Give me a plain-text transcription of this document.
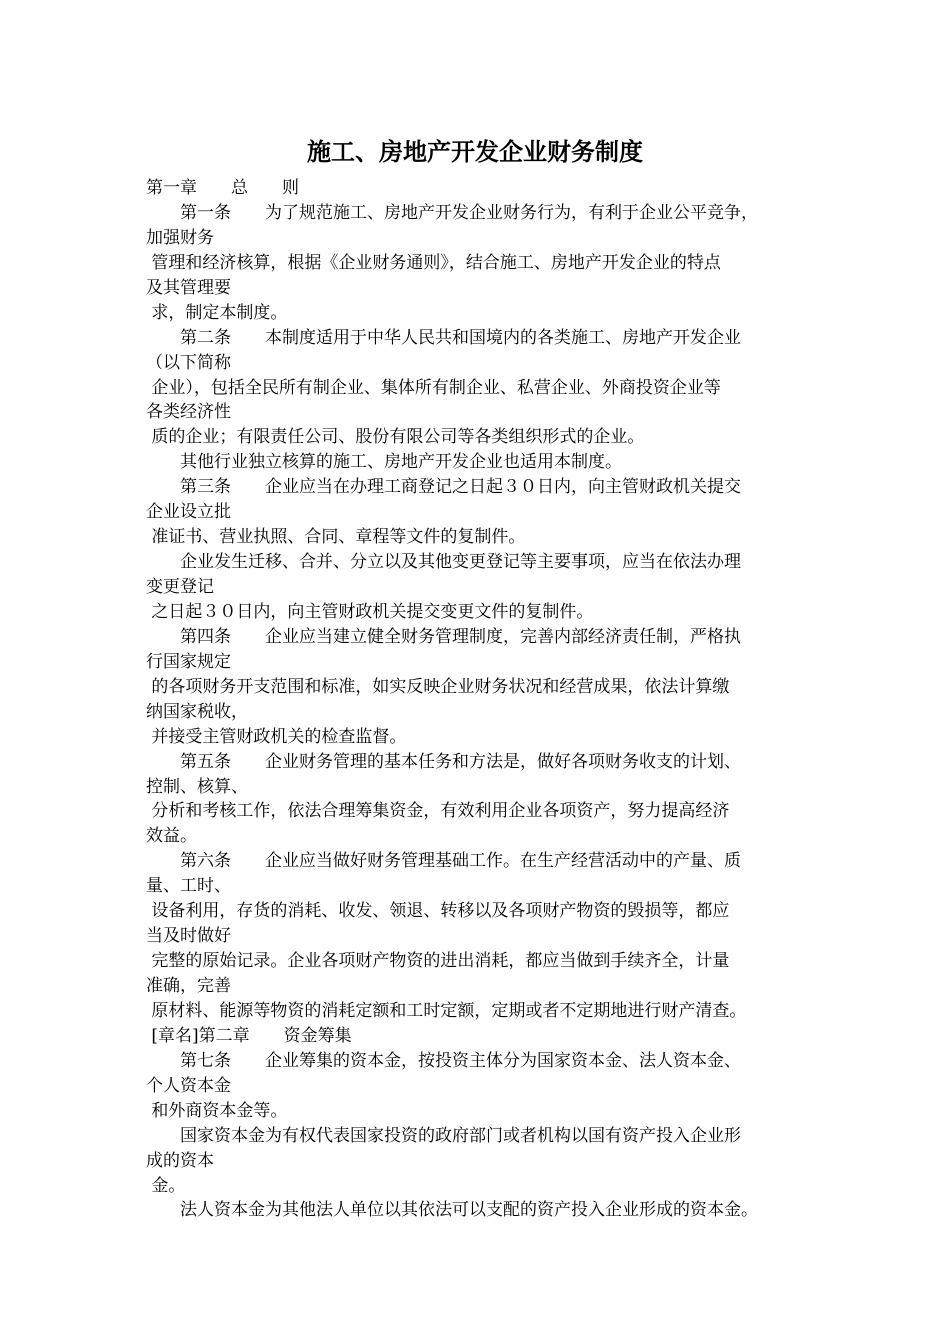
施工、房地产开发企业财务制度
第一章　　总　　则
　　第一条　　为了规范施工、房地产开发企业财务行为，有利于企业公平竞争，
加强财务
管理和经济核算，根据《企业财务通则》，结合施工、房地产开发企业的特点
及其管理要
求，制定本制度。
　　第二条　　本制度适用于中华人民共和国境内的各类施工、房地产开发企业
（以下简称
企业），包括全民所有制企业、集体所有制企业、私营企业、外商投资企业等
各类经济性
质的企业；有限责任公司、股份有限公司等各类组织形式的企业。
　　其他行业独立核算的施工、房地产开发企业也适用本制度。
　　第三条　　企业应当在办理工商登记之日起３０日内，向主管财政机关提交
企业设立批
准证书、营业执照、合同、章程等文件的复制件。
　　企业发生迁移、合并、分立以及其他变更登记等主要事项，应当在依法办理
变更登记
之日起３０日内，向主管财政机关提交变更文件的复制件。
　　第四条　　企业应当建立健全财务管理制度，完善内部经济责任制，严格执
行国家规定
的各项财务开支范围和标准，如实反映企业财务状况和经营成果，依法计算缴
纳国家税收，
并接受主管财政机关的检查监督。
　　第五条　　企业财务管理的基本任务和方法是，做好各项财务收支的计划、
控制、核算、
分析和考核工作，依法合理筹集资金，有效利用企业各项资产，努力提高经济
效益。
　　第六条　　企业应当做好财务管理基础工作。在生产经营活动中的产量、质
量、工时、
设备利用，存货的消耗、收发、领退、转移以及各项财产物资的毁损等，都应
当及时做好
完整的原始记录。企业各项财产物资的进出消耗，都应当做到手续齐全，计量
准确，完善
原材料、能源等物资的消耗定额和工时定额，定期或者不定期地进行财产清查。
[章名]第二章　　资金筹集
　　第七条　　企业筹集的资本金，按投资主体分为国家资本金、法人资本金、
个人资本金
和外商资本金等。
　　国家资本金为有权代表国家投资的政府部门或者机构以国有资产投入企业形
成的资本
金。
　　法人资本金为其他法人单位以其依法可以支配的资产投入企业形成的资本金。
